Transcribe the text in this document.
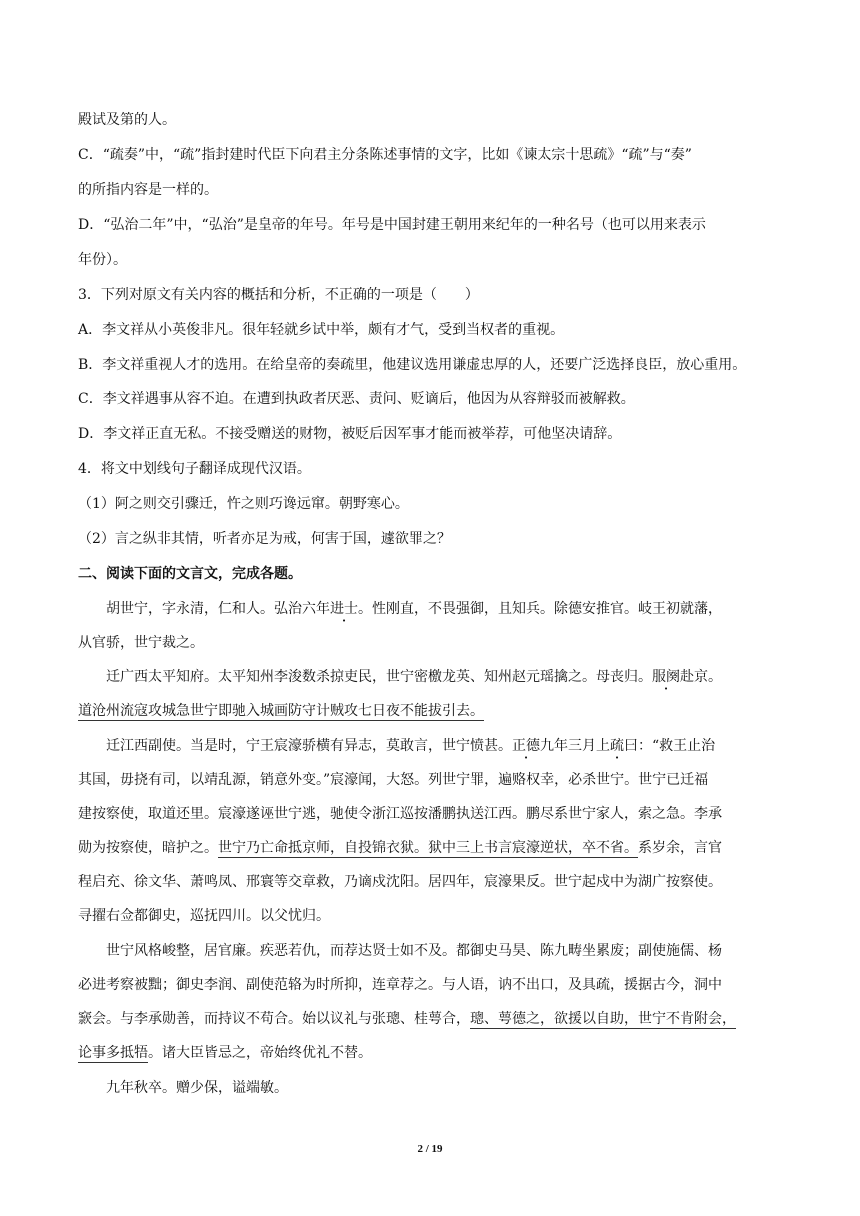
殿试及第的人。
C．“疏奏”中，“疏”指封建时代臣下向君主分条陈述事情的文字，比如《谏太宗十思疏》“疏”与“奏”
的所指内容是一样的。
D．“弘治二年”中，“弘治”是皇帝的年号。年号是中国封建王朝用来纪年的一种名号（也可以用来表示
年份）。
3．下列对原文有关内容的概括和分析，不正确的一项是（　　）
A．李文祥从小英俊非凡。很年轻就乡试中举，颇有才气，受到当权者的重视。
B．李文祥重视人才的选用。在给皇帝的奏疏里，他建议选用谦虚忠厚的人，还要广泛选择良臣，放心重用。
C．李文祥遇事从容不迫。在遭到执政者厌恶、责问、贬谪后，他因为从容辩驳而被解救。
D．李文祥正直无私。不接受赠送的财物，被贬后因军事才能而被举荐，可他坚决请辞。
4．将文中划线句子翻译成现代汉语。
（1）阿之则交引骤迁，忤之则巧谗远窜。朝野寒心。
（2）言之纵非其情，听者亦足为戒，何害于国，遽欲罪之？
二、阅读下面的文言文，完成各题。
胡世宁，字永清，仁和人。弘治六年进士。性刚直，不畏强御，且知兵。除德安推官。岐王初就藩，
从官骄，世宁裁之。
迁广西太平知府。太平知州李浚数杀掠吏民，世宁密檄龙英、知州赵元瑶擒之。母丧归。服阕赴京。
道沧州流寇攻城急世宁即驰入城画防守计贼攻七日夜不能拔引去。
迁江西副使。当是时，宁王宸濠骄横有异志，莫敢言，世宁愤甚。正德九年三月上疏曰：“救王止治
其国，毋挠有司，以靖乱源，销意外变。”宸濠闻，大怒。列世宁罪，遍赂权幸，必杀世宁。世宁已迁福
建按察使，取道还里。宸濠遂诬世宁逃，驰使令浙江巡按潘鹏执送江西。鹏尽系世宁家人，索之急。李承
勋为按察使，暗护之。世宁乃亡命抵京师，自投锦衣狱。狱中三上书言宸濠逆状，卒不省。系岁余，言官
程启充、徐文华、萧鸣凤、邢寰等交章救，乃谪戍沈阳。居四年，宸濠果反。世宁起戍中为湖广按察使。
寻擢右佥都御史，巡抚四川。以父忧归。
世宁风格峻整，居官廉。疾恶若仇，而荐达贤士如不及。都御史马昊、陈九畴坐累废；副使施儒、杨
必进考察被黜；御史李润、副使范辂为时所抑，连章荐之。与人语，讷不出口，及具疏，援据古今，洞中
窾会。与李承勋善，而持议不苟合。始以议礼与张璁、桂萼合，璁、萼德之，欲援以自助，世宁不肯附会，
论事多抵牾。诸大臣皆忌之，帝始终优礼不替。
九年秋卒。赠少保，谥端敏。
2 / 19
